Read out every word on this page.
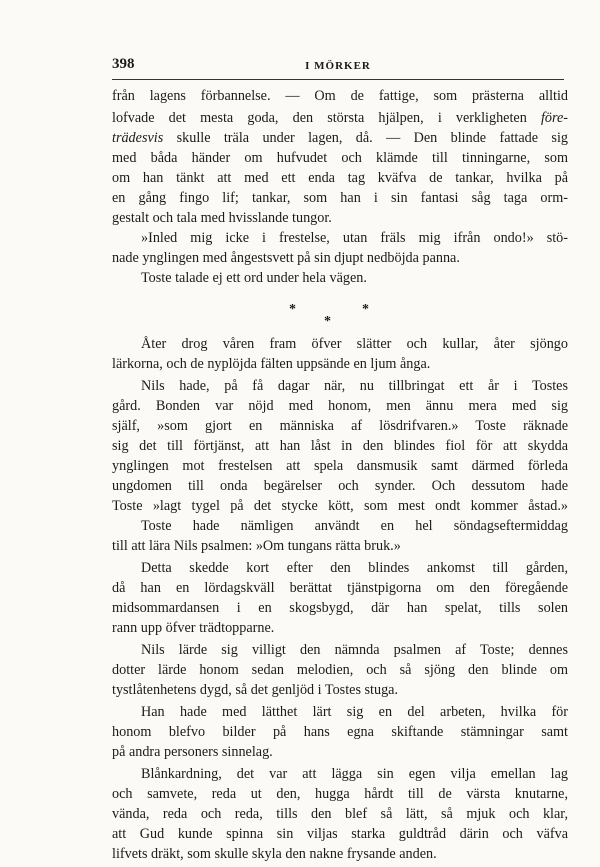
398	I MÖRKER
från lagens förbannelse. — Om de fattige, som prästerna alltid
lofvade det mesta goda, den största hjälpen, i verkligheten före-
trädesvis skulle träla under lagen, då. — Den blinde fattade sig
med båda händer om hufvudet och klämde till tinningarne, som
om han tänkt att med ett enda tag kväfva de tankar, hvilka på
en gång fingo lif; tankar, som han i sin fantasi såg taga orm-
gestalt och tala med hvisslande tungor.
»Inled mig icke i frestelse, utan fräls mig ifrån ondo!» stö-
nade ynglingen med ångestsvett på sin djupt nedböjda panna.
Toste talade ej ett ord under hela vägen.
Åter drog våren fram öfver slätter och kullar, åter sjöngo
lärkorna, och de nyplöjda fälten uppsände en ljum ånga.
Nils hade, på få dagar när, nu tillbringat ett år i Tostes
gård. Bonden var nöjd med honom, men ännu mera med sig
själf, »som gjort en människa af lösdrifvaren.» Toste räknade
sig det till förtjänst, att han låst in den blindes fiol för att skydda
ynglingen mot frestelsen att spela dansmusik samt därmed förleda
ungdomen till onda begärelser och synder. Och dessutom hade
Toste »lagt tygel på det stycke kött, som mest ondt kommer åstad.»
Toste hade nämligen användt en hel söndagseftermiddag
till att lära Nils psalmen: »Om tungans rätta bruk.»
Detta skedde kort efter den blindes ankomst till gården,
då han en lördagskväll berättat tjänstpigorna om den föregående
midsommardansen i en skogsbygd, där han spelat, tills solen
rann upp öfver trädtopparne.
Nils lärde sig villigt den nämnda psalmen af Toste; dennes
dotter lärde honom sedan melodien, och så sjöng den blinde om
tystlåtenhetens dygd, så det genljöd i Tostes stuga.
Han hade med lätthet lärt sig en del arbeten, hvilka för
honom blefvo bilder på hans egna skiftande stämningar samt
på andra personers sinnelag.
Blånkardning, det var att lägga sin egen vilja emellan lag
och samvete, reda ut den, hugga hårdt till de värsta knutarne,
vända, reda och reda, tills den blef så lätt, så mjuk och klar,
att Gud kunde spinna sin viljas starka guldtråd därin och väfva
lifvets dräkt, som skulle skyla den nakne frysande anden.
*
*
*
